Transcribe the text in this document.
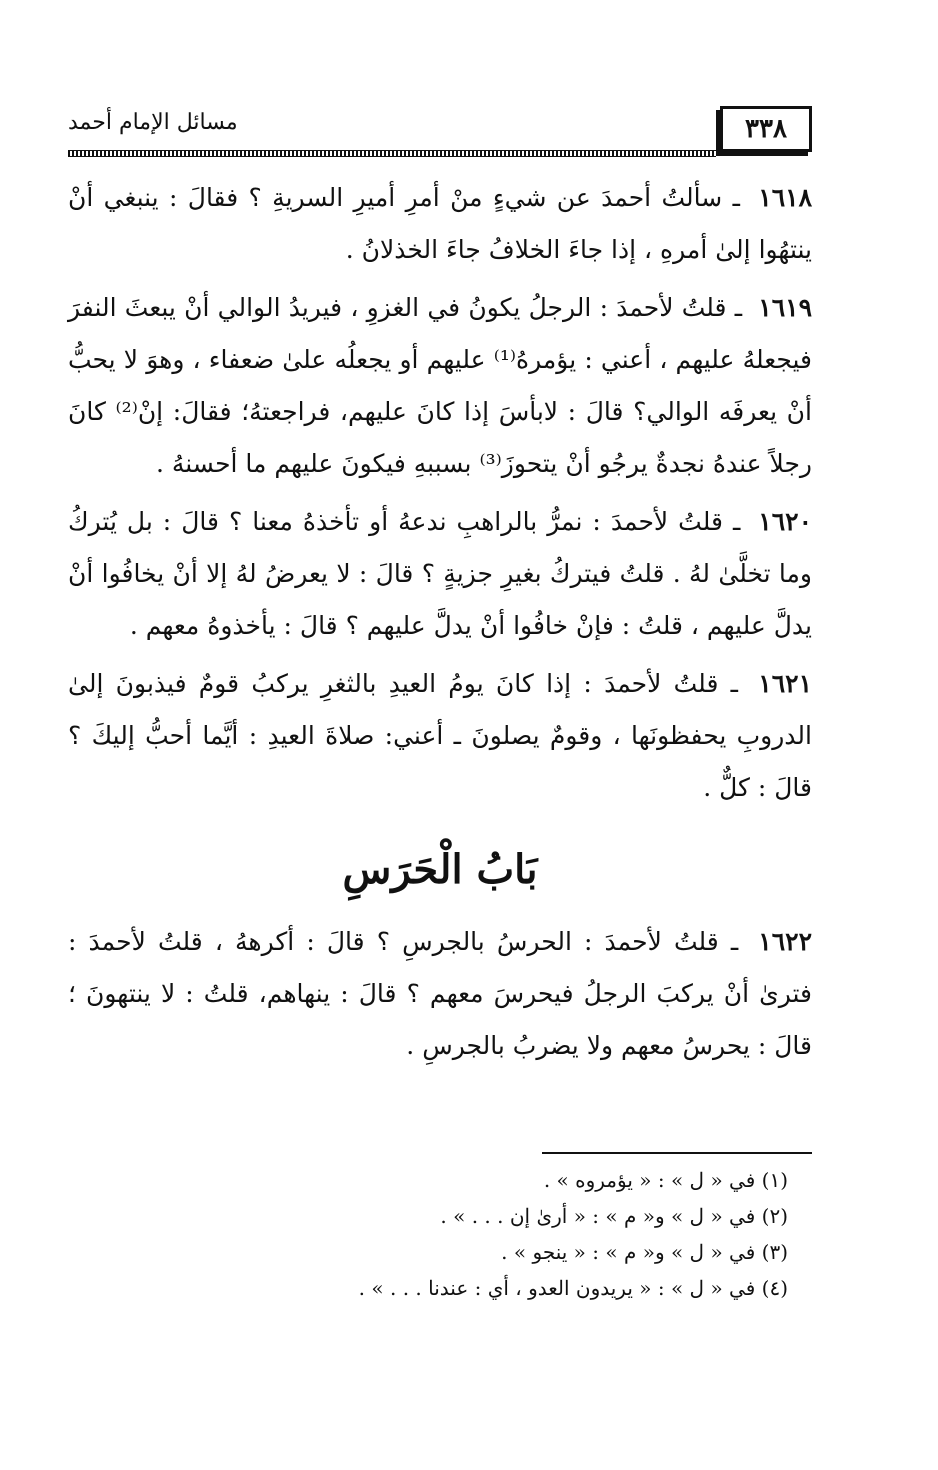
٣٣٨
مسائل الإمام أحمد

١٦١٨ ـ سألتُ أحمدَ عن شيءٍ منْ أمرِ أميرِ السريةِ ؟ فقالَ : ينبغي أنْ ينتهُوا إلىٰ أمرهِ ، إذا جاءَ الخلافُ جاءَ الخذلانُ .

١٦١٩ ـ قلتُ لأحمدَ : الرجلُ يكونُ في الغزوِ ، فيريدُ الوالي أنْ يبعثَ النفرَ فيجعلهُ عليهم ، أعني : يؤمرهُ⁽¹⁾ عليهم أو يجعلُه علىٰ ضعفاء ، وهوَ لا يحبُّ أنْ يعرفَه الوالي؟ قالَ : لابأسَ إذا كانَ عليهم، فراجعتهُ؛ فقالَ: إنْ⁽²⁾ كانَ رجلاً عندهُ نجدةٌ يرجُو أنْ يتحوزَ⁽³⁾ بسببهِ فيكونَ عليهم ما أحسنهُ .

١٦٢٠ ـ قلتُ لأحمدَ : نمرُّ بالراهبِ ندعهُ أو تأخذهُ معنا ؟ قالَ : بل يُتركُ وما تخلَّىٰ لهُ . قلتُ فيتركُ بغيرِ جزيةٍ ؟ قالَ : لا يعرضُ لهُ إلا أنْ يخافُوا أنْ يدلَّ عليهم ، قلتُ : فإنْ خافُوا أنْ يدلَّ عليهم ؟ قالَ : يأخذوهُ معهم .

١٦٢١ ـ قلتُ لأحمدَ : إذا كانَ يومُ العيدِ بالثغرِ يركبُ قومٌ فيذبونَ إلىٰ الدروبِ يحفظونَها ، وقومٌ يصلونَ ـ أعني: صلاةَ العيدِ : أيَّما أحبُّ إليكَ ؟ قالَ : كلٌّ .

بَابُ الْحَرَسِ

١٦٢٢ ـ قلتُ لأحمدَ : الحرسُ بالجرسِ ؟ قالَ : أكرههُ ، قلتُ لأحمدَ : فترىٰ أنْ يركبَ الرجلُ فيحرسَ معهم ؟ قالَ : ينهاهم، قلتُ : لا ينتهونَ ؛ قالَ : يحرسُ معهم ولا يضربُ بالجرسِ .

(١) في « ل » : « يؤمروه » .

(٢) في « ل » و« م » : « أرىٰ إن . . . » .

(٣) في « ل » و« م » : « ينجو » .

(٤) في « ل » : « يريدون العدو ، أي : عندنا . . . » .
